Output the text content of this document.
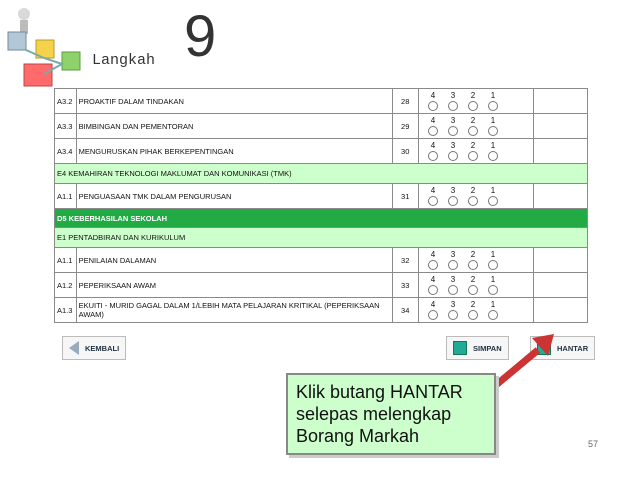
Langkah 9
A3.2	PROAKTIF DALAM TINDAKAN	28	4 3 2 1	

A3.3	BIMBINGAN DAN PEMENTORAN	29	4 3 2 1	

A3.4	MENGURUSKAN PIHAK BERKEPENTINGAN	30	4 3 2 1	

E4 KEMAHIRAN TEKNOLOGI MAKLUMAT DAN KOMUNIKASI (TMK)				
A1.1	PENGUASAAN TMK DALAM PENGURUSAN	31	4 3 2 1	

D5 KEBERHASILAN SEKOLAH				
E1 PENTADBIRAN DAN KURIKULUM				
A1.1	PENILAIAN DALAMAN	32	4 3 2 1	

A1.2	PEPERIKSAAN AWAM	33	4 3 2 1	

A1.3	EKUITI - MURID GAGAL DALAM 1/LEBIH MATA PELAJARAN KRITIKAL (PEPERIKSAAN AWAM)	34	4 3 2 1	

KEMBALI	SIMPAN	HANTAR
Klik butang HANTAR
selepas melengkap
Borang Markah	57
